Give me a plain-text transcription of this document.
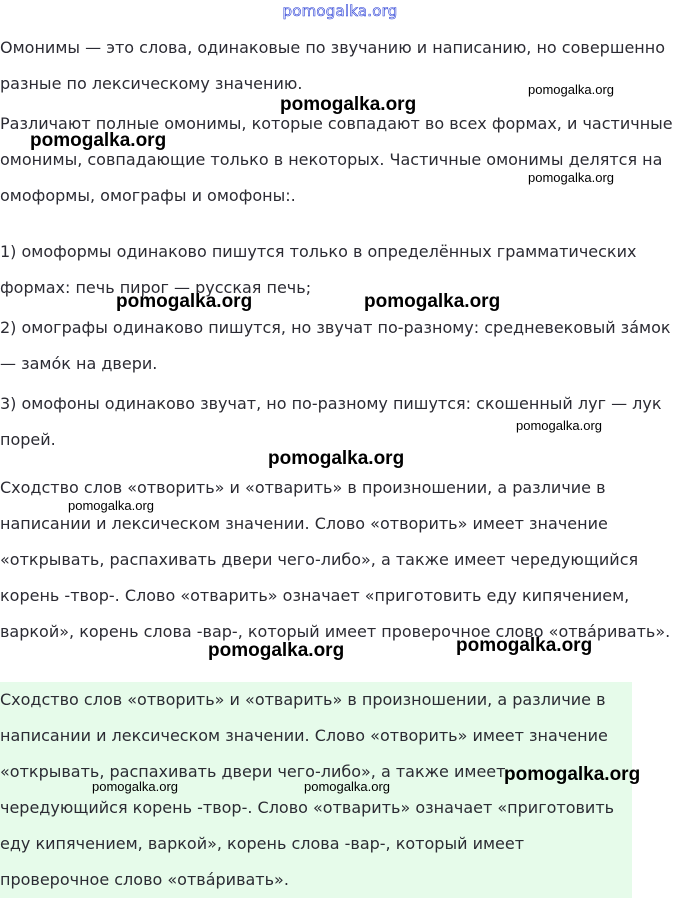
pomogalka.org

Омонимы — это слова, одинаковые по звучанию и написанию, но совершенно разные по лексическому значению.

Различают полные омонимы, которые совпадают во всех формах, и частичные омонимы, совпадающие только в некоторых. Частичные омонимы делятся на омоформы, омографы и омофоны:.

1) омоформы одинаково пишутся только в определённых грамматических формах: печь пирог — русская печь;

2) омографы одинаково пишутся, но звучат по-разному: средневековый за́мок — замо́к на двери.

3) омофоны одинаково звучат, но по-разному пишутся: скошенный луг — лук порей.

Сходство слов «отворить» и «отварить» в произношении, а различие в написании и лексическом значении. Слово «отворить» имеет значение «открывать, распахивать двери чего-либо», а также имеет чередующийся корень -твор-. Слово «отварить» означает «приготовить еду кипячением, варкой», корень слова -вар-, который имеет проверочное слово «отва́ривать».

Сходство слов «отворить» и «отварить» в произношении, а различие в написании и лексическом значении. Слово «отворить» имеет значение «открывать, распахивать двери чего-либо», а также имеет чередующийся корень -твор-. Слово «отварить» означает «приготовить еду кипячением, варкой», корень слова -вар-, который имеет проверочное слово «отва́ривать».

pomogalka.org
pomogalka.org
pomogalka.org
pomogalka.org
pomogalka.org	pomogalka.org
pomogalka.org
pomogalka.org
pomogalka.org
pomogalka.org	pomogalka.org
pomogalka.org
pomogalka.org	pomogalka.org
